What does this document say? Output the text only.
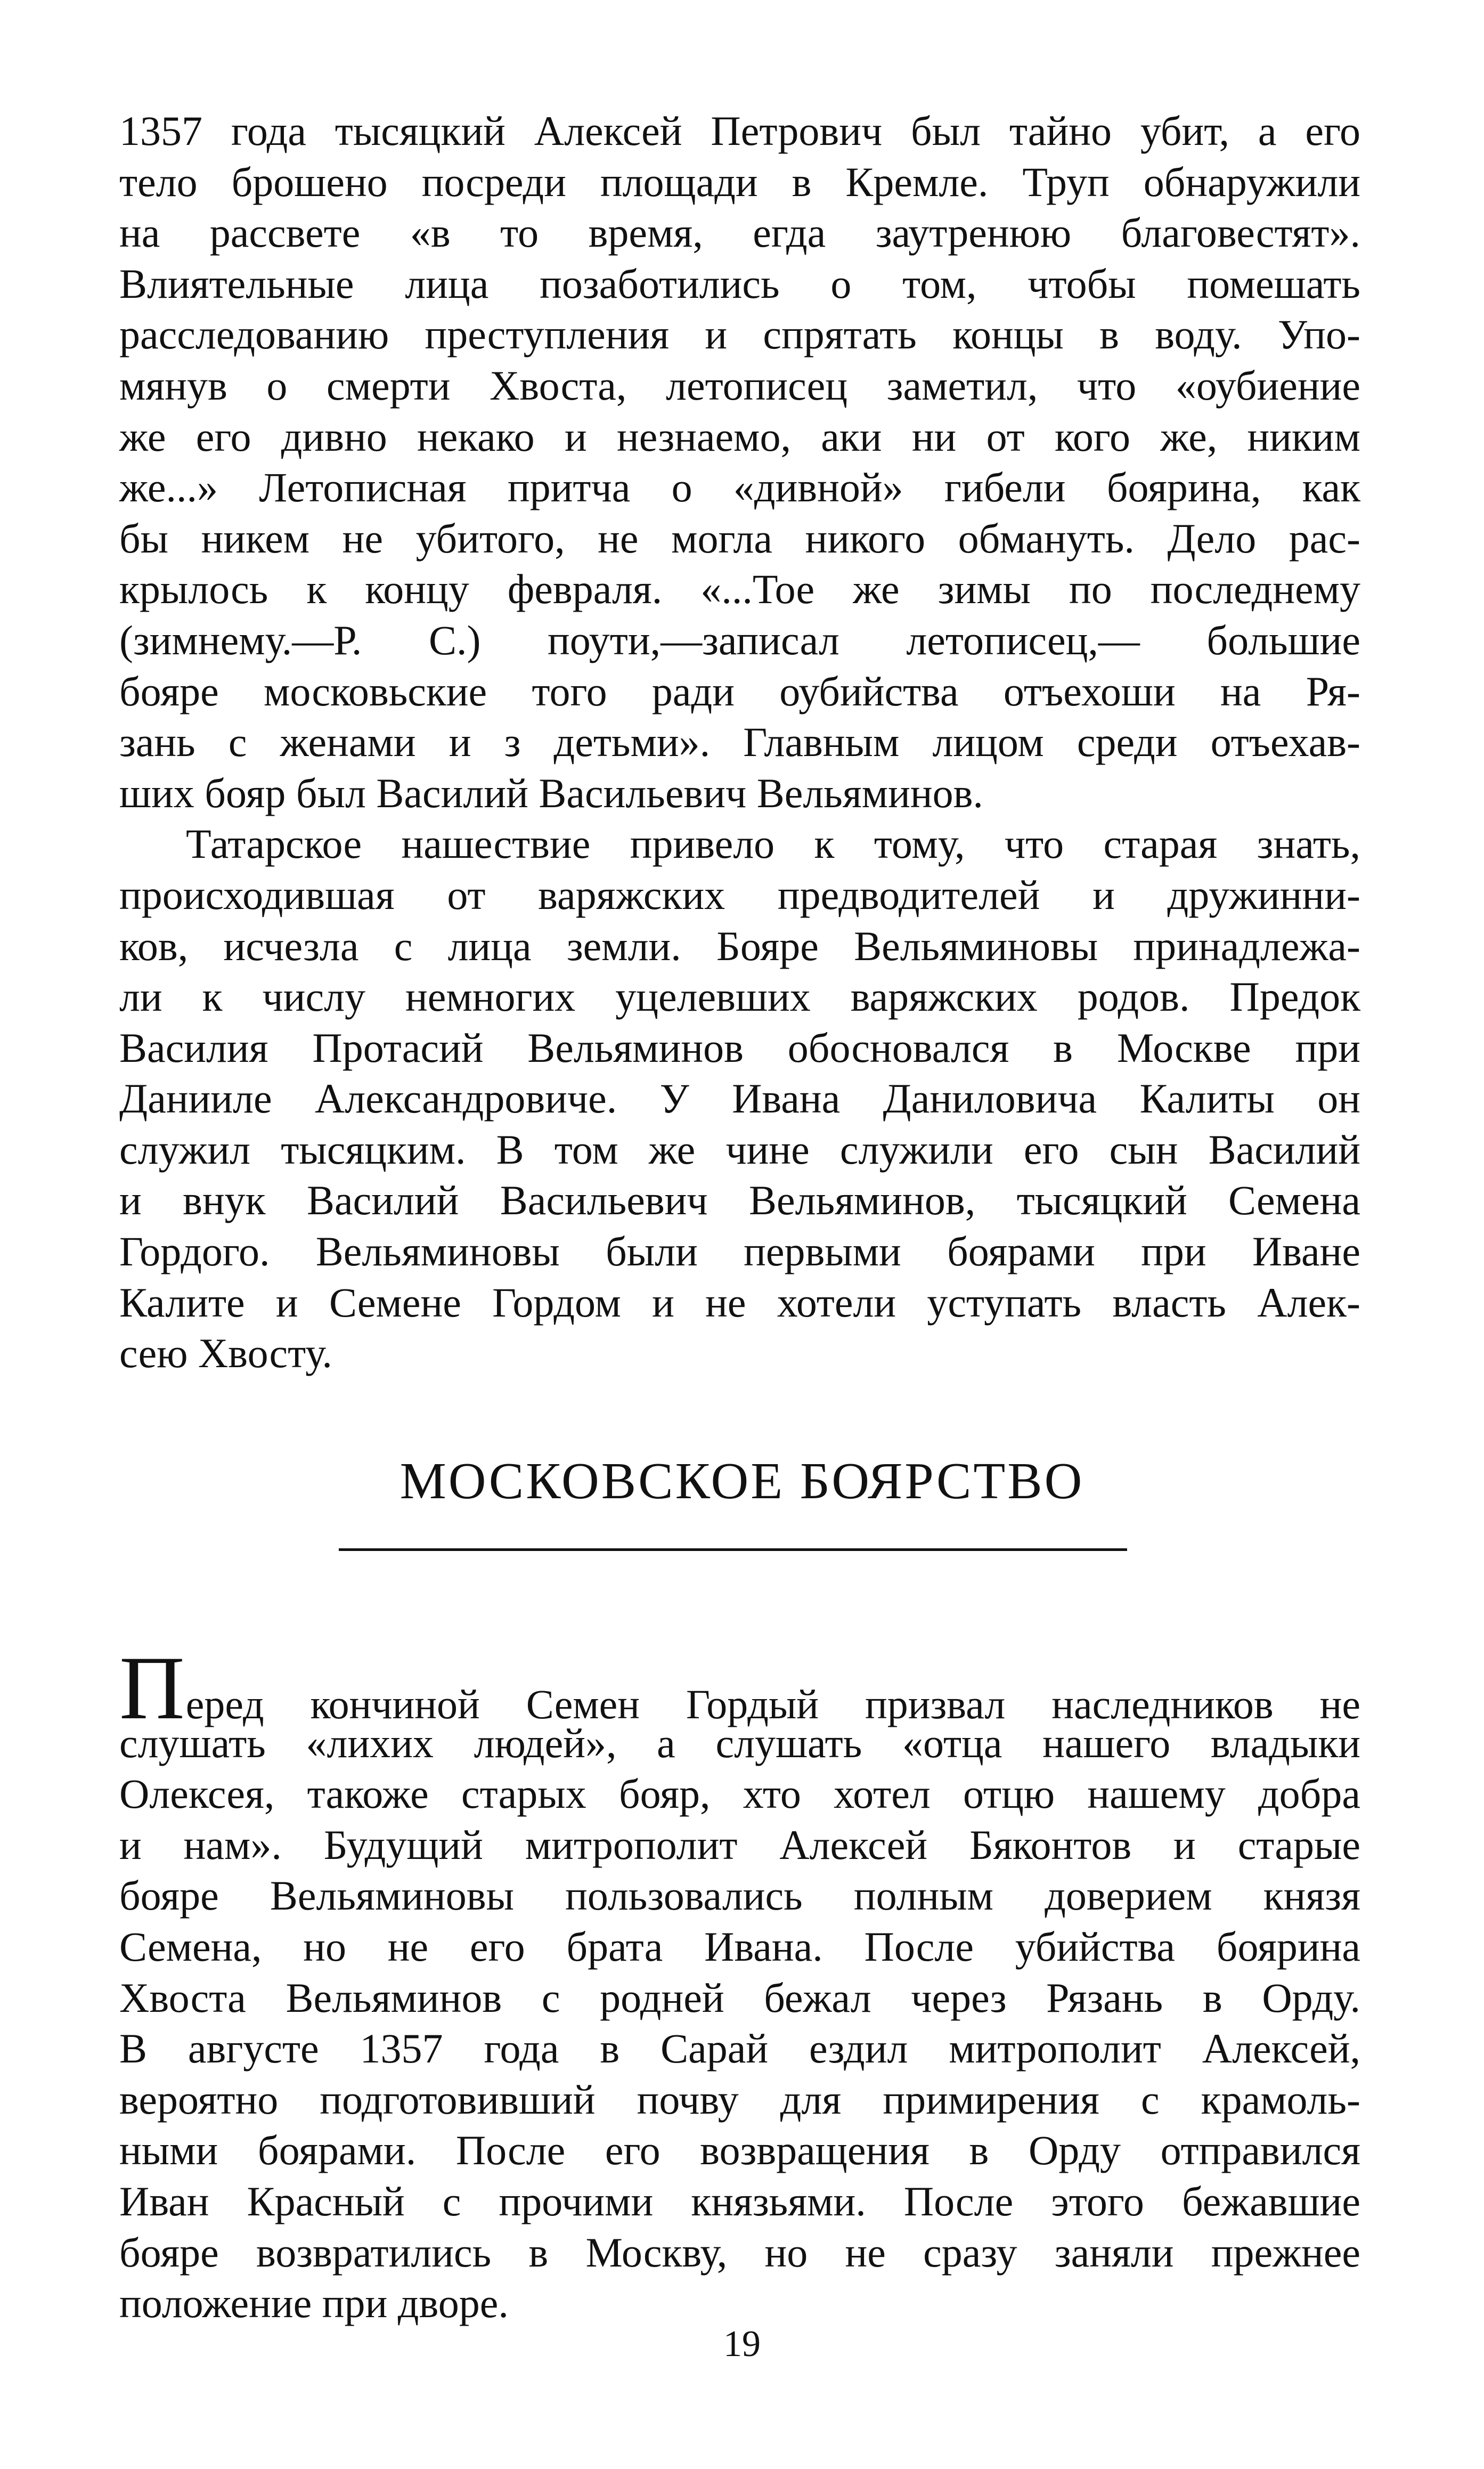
1357 года тысяцкий Алексей Петрович был тайно убит, а его
тело брошено посреди площади в Кремле. Труп обнаружили
на рассвете «в то время, егда заутренюю благовестят».
Влиятельные лица позаботились о том, чтобы помешать
расследованию преступления и спрятать концы в воду. Упо-
мянув о смерти Хвоста, летописец заметил, что «оубиение
же его дивно некако и незнаемо, аки ни от кого же, никим
же...» Летописная притча о «дивной» гибели боярина, как
бы никем не убитого, не могла никого обмануть. Дело рас-
крылось к концу февраля. «...Тое же зимы по последнему
(зимнему.—Р. С.) поути,—записал летописец,— большие
бояре московьские того ради оубийства отъехоши на Ря-
зань с женами и з детьми». Главным лицом среди отъехав-
ших бояр был Василий Васильевич Вельяминов.
Татарское нашествие привело к тому, что старая знать,
происходившая от варяжских предводителей и дружинни-
ков, исчезла с лица земли. Бояре Вельяминовы принадлежа-
ли к числу немногих уцелевших варяжских родов. Предок
Василия Протасий Вельяминов обосновался в Москве при
Данииле Александровиче. У Ивана Даниловича Калиты он
служил тысяцким. В том же чине служили его сын Василий
и внук Василий Васильевич Вельяминов, тысяцкий Семена
Гордого. Вельяминовы были первыми боярами при Иване
Калите и Семене Гордом и не хотели уступать власть Алек-
сею Хвосту.
МОСКОВСКОЕ БОЯРСТВО
Перед кончиной Семен Гордый призвал наследников не
слушать «лихих людей», а слушать «отца нашего владыки
Олексея, такоже старых бояр, хто хотел отцю нашему добра
и нам». Будущий митрополит Алексей Бяконтов и старые
бояре Вельяминовы пользовались полным доверием князя
Семена, но не его брата Ивана. После убийства боярина
Хвоста Вельяминов с родней бежал через Рязань в Орду.
В августе 1357 года в Сарай ездил митрополит Алексей,
вероятно подготовивший почву для примирения с крамоль-
ными боярами. После его возвращения в Орду отправился
Иван Красный с прочими князьями. После этого бежавшие
бояре возвратились в Москву, но не сразу заняли прежнее
положение при дворе.
19
